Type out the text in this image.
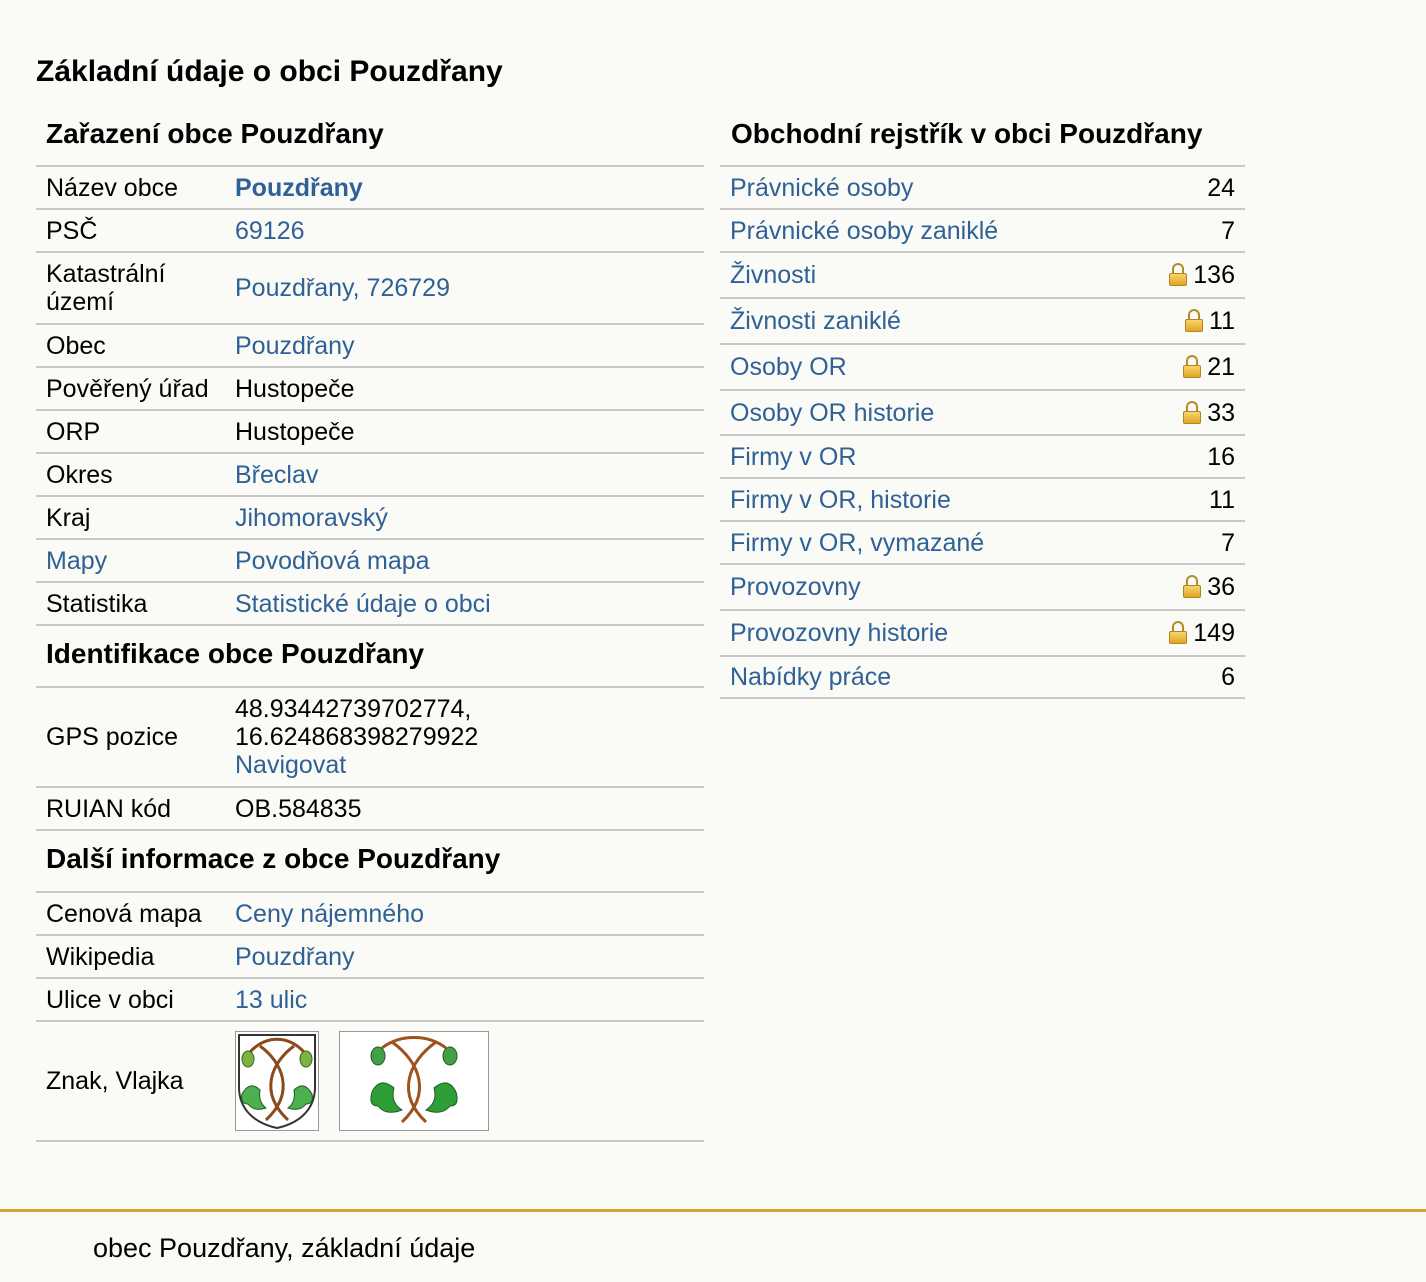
Základní údaje o obci Pouzdřany
Zařazení obce Pouzdřany
Název obce	Pouzdřany
PSČ	69126
Katastrální území	Pouzdřany, 726729
Obec	Pouzdřany
Pověřený úřad	Hustopeče
ORP	Hustopeče
Okres	Břeclav
Kraj	Jihomoravský
Mapy	Povodňová mapa
Statistika	Statistické údaje o obci
Identifikace obce Pouzdřany
GPS pozice	48.93442739702774,
16.624868398279922
Navigovat
RUIAN kód	OB.584835
Další informace z obce Pouzdřany
Cenová mapa	Ceny nájemného
Wikipedia	Pouzdřany
Ulice v obci	13 ulic
Znak, Vlajka	
Obchodní rejstřík v obci Pouzdřany
Právnické osoby	24
Právnické osoby zaniklé	7
Živnosti	136
Živnosti zaniklé	11
Osoby OR	21
Osoby OR historie	33
Firmy v OR	16
Firmy v OR, historie	11
Firmy v OR, vymazané	7
Provozovny	36
Provozovny historie	149
Nabídky práce	6
obec Pouzdřany, základní údaje
